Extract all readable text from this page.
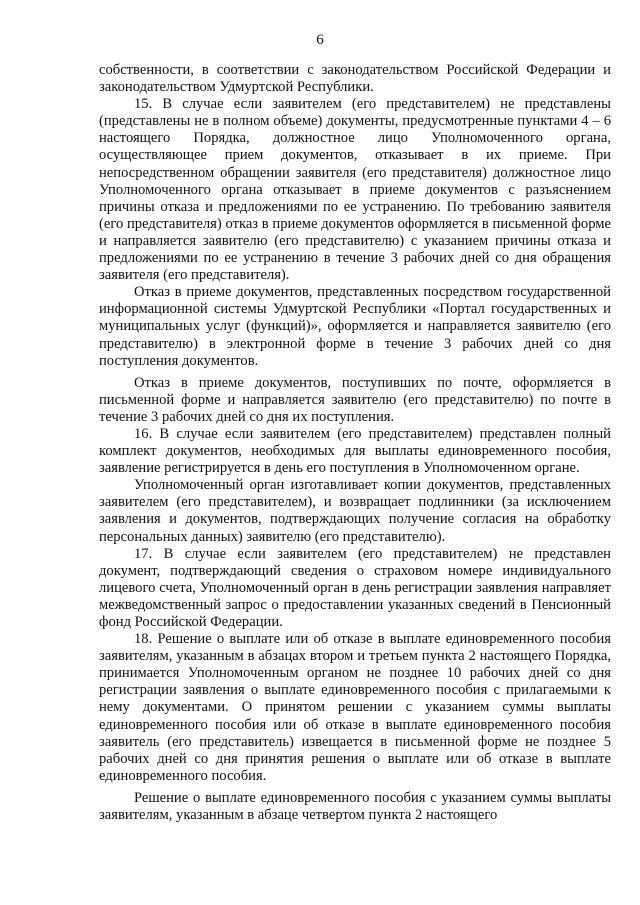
6

собственности, в соответствии с законодательством Российской Федерации и законодательством Удмуртской Республики.

15. В случае если заявителем (его представителем) не представлены (представлены не в полном объеме) документы, предусмотренные пунктами 4 – 6 настоящего Порядка, должностное лицо Уполномоченного органа, осуществляющее прием документов, отказывает в их приеме. При непосредственном обращении заявителя (его представителя) должностное лицо Уполномоченного органа отказывает в приеме документов с разъяснением причины отказа и предложениями по ее устранению. По требованию заявителя (его представителя) отказ в приеме документов оформляется в письменной форме и направляется заявителю (его представителю) с указанием причины отказа и предложениями по ее устранению в течение 3 рабочих дней со дня обращения заявителя (его представителя).

Отказ в приеме документов, представленных посредством государственной информационной системы Удмуртской Республики «Портал государственных и муниципальных услуг (функций)», оформляется и направляется заявителю (его представителю) в электронной форме в течение 3 рабочих дней со дня поступления документов.

Отказ в приеме документов, поступивших по почте, оформляется в письменной форме и направляется заявителю (его представителю) по почте в течение 3 рабочих дней со дня их поступления.

16. В случае если заявителем (его представителем) представлен полный комплект документов, необходимых для выплаты единовременного пособия, заявление регистрируется в день его поступления в Уполномоченном органе.

Уполномоченный орган изготавливает копии документов, представленных заявителем (его представителем), и возвращает подлинники (за исключением заявления и документов, подтверждающих получение согласия на обработку персональных данных) заявителю (его представителю).

17. В случае если заявителем (его представителем) не представлен документ, подтверждающий сведения о страховом номере индивидуального лицевого счета, Уполномоченный орган в день регистрации заявления направляет межведомственный запрос о предоставлении указанных сведений в Пенсионный фонд Российской Федерации.

18. Решение о выплате или об отказе в выплате единовременного пособия заявителям, указанным в абзацах втором и третьем пункта 2 настоящего Порядка, принимается Уполномоченным органом не позднее 10 рабочих дней со дня регистрации заявления о выплате единовременного пособия с прилагаемыми к нему документами. О принятом решении с указанием суммы выплаты единовременного пособия или об отказе в выплате единовременного пособия заявитель (его представитель) извещается в письменной форме не позднее 5 рабочих дней со дня принятия решения о выплате или об отказе в выплате единовременного пособия.

Решение о выплате единовременного пособия с указанием суммы выплаты заявителям, указанным в абзаце четвертом пункта 2 настоящего
